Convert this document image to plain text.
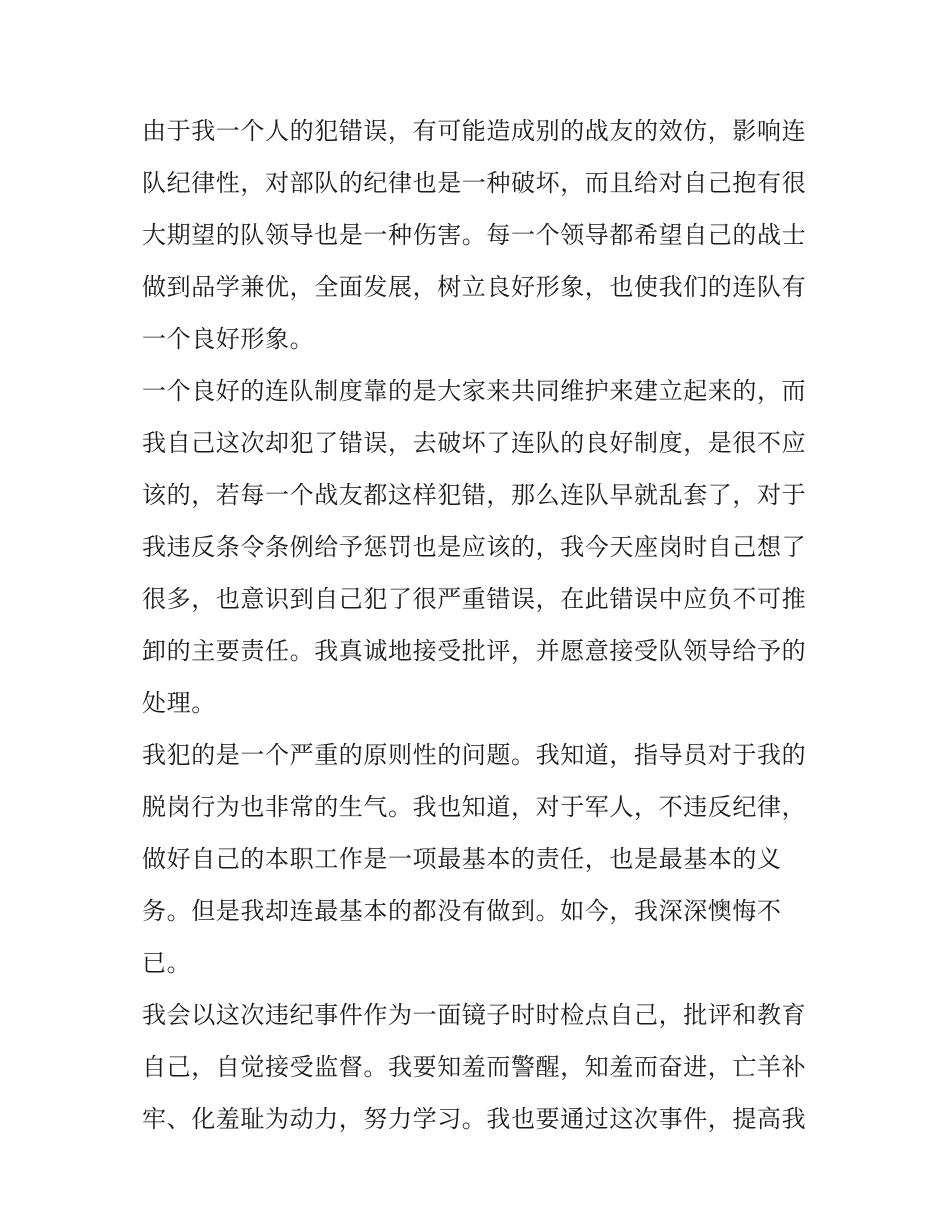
由于我一个人的犯错误，有可能造成别的战友的效仿，影响连
队纪律性，对部队的纪律也是一种破坏，而且给对自己抱有很
大期望的队领导也是一种伤害。每一个领导都希望自己的战士
做到品学兼优，全面发展，树立良好形象，也使我们的连队有
一个良好形象。
一个良好的连队制度靠的是大家来共同维护来建立起来的，而
我自己这次却犯了错误，去破坏了连队的良好制度，是很不应
该的，若每一个战友都这样犯错，那么连队早就乱套了，对于
我违反条令条例给予惩罚也是应该的，我今天座岗时自己想了
很多，也意识到自己犯了很严重错误，在此错误中应负不可推
卸的主要责任。我真诚地接受批评，并愿意接受队领导给予的
处理。
我犯的是一个严重的原则性的问题。我知道，指导员对于我的
脱岗行为也非常的生气。我也知道，对于军人，不违反纪律，
做好自己的本职工作是一项最基本的责任，也是最基本的义
务。但是我却连最基本的都没有做到。如今，我深深懊悔不
已。
我会以这次违纪事件作为一面镜子时时检点自己，批评和教育
自己，自觉接受监督。我要知羞而警醒，知羞而奋进，亡羊补
牢、化羞耻为动力，努力学习。我也要通过这次事件，提高我
